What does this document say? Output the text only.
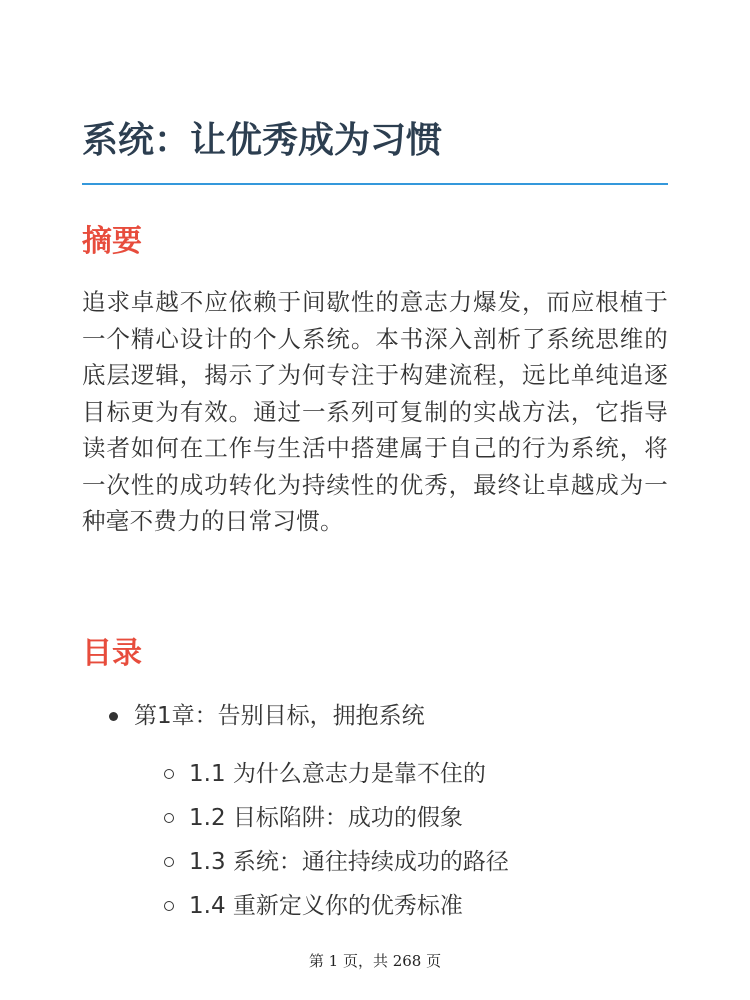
系统：让优秀成为习惯
摘要

追求卓越不应依赖于间歇性的意志力爆发，而应根植于一个精心设计的个人系统。本书深入剖析了系统思维的底层逻辑，揭示了为何专注于构建流程，远比单纯追逐目标更为有效。通过一系列可复制的实战方法，它指导读者如何在工作与生活中搭建属于自己的行为系统，将一次性的成功转化为持续性的优秀，最终让卓越成为一种毫不费力的日常习惯。

目录
第1章：告别目标，拥抱系统
1.1 为什么意志力是靠不住的
1.2 目标陷阱：成功的假象
1.3 系统：通往持续成功的路径
1.4 重新定义你的优秀标准
第 1 页，共 268 页
